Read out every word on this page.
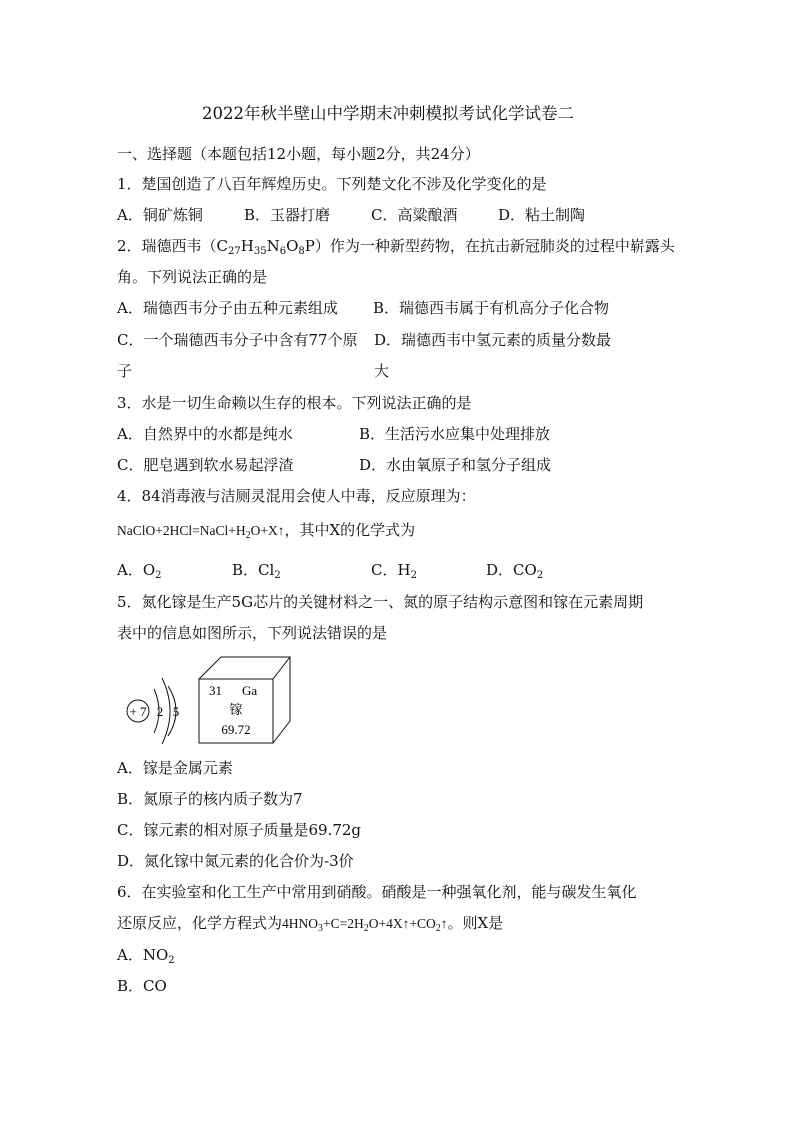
2022年秋半壁山中学期末冲刺模拟考试化学试卷二
一、选择题（本题包括12小题，每小题2分，共24分）
1．楚国创造了八百年辉煌历史。下列楚文化不涉及化学变化的是
A．铜矿炼铜	B．玉器打磨	C．高粱酿酒	D．粘土制陶
2．瑞德西韦$(C_{27}H_{35}N_6O_8P)$作为一种新型药物，在抗击新冠肺炎的过程中崭露头
角。下列说法正确的是
A．瑞德西韦分子由五种元素组成 B．瑞德西韦属于有机高分子化合物
C．一个瑞德西韦分子中含有77个原
子
D．瑞德西韦中氢元素的质量分数最
大
3．水是一切生命赖以生存的根本。下列说法正确的是
A．自然界中的水都是纯水	B．生活污水应集中处理排放
C．肥皂遇到软水易起浮渣	D．水由氧原子和氢分子组成
4．84消毒液与洁厕灵混用会使人中毒，反应原理为：
$NaClO+2HCl=NaCl+H_2O+X↑$，其中X的化学式为
A．$O_2$	B．$Cl_2$	C．$H_2$	D．$CO_2$
5．氮化镓是生产5G芯片的关键材料之一、氮的原子结构示意图和镓在元素周期
表中的信息如图所示，下列说法错误的是
+ 7 2 5
31 Ga
镓
69.72
A．镓是金属元素
B．氮原子的核内质子数为7
C．镓元素的相对原子质量是69.72g
D．氮化镓中氮元素的化合价为-3价
6．在实验室和化工生产中常用到硝酸。硝酸是一种强氧化剂，能与碳发生氧化
还原反应，化学方程式为$4HNO_3+C=2H_2O+4X↑+CO_2↑$。则X是
A．$NO_2$
B．CO
